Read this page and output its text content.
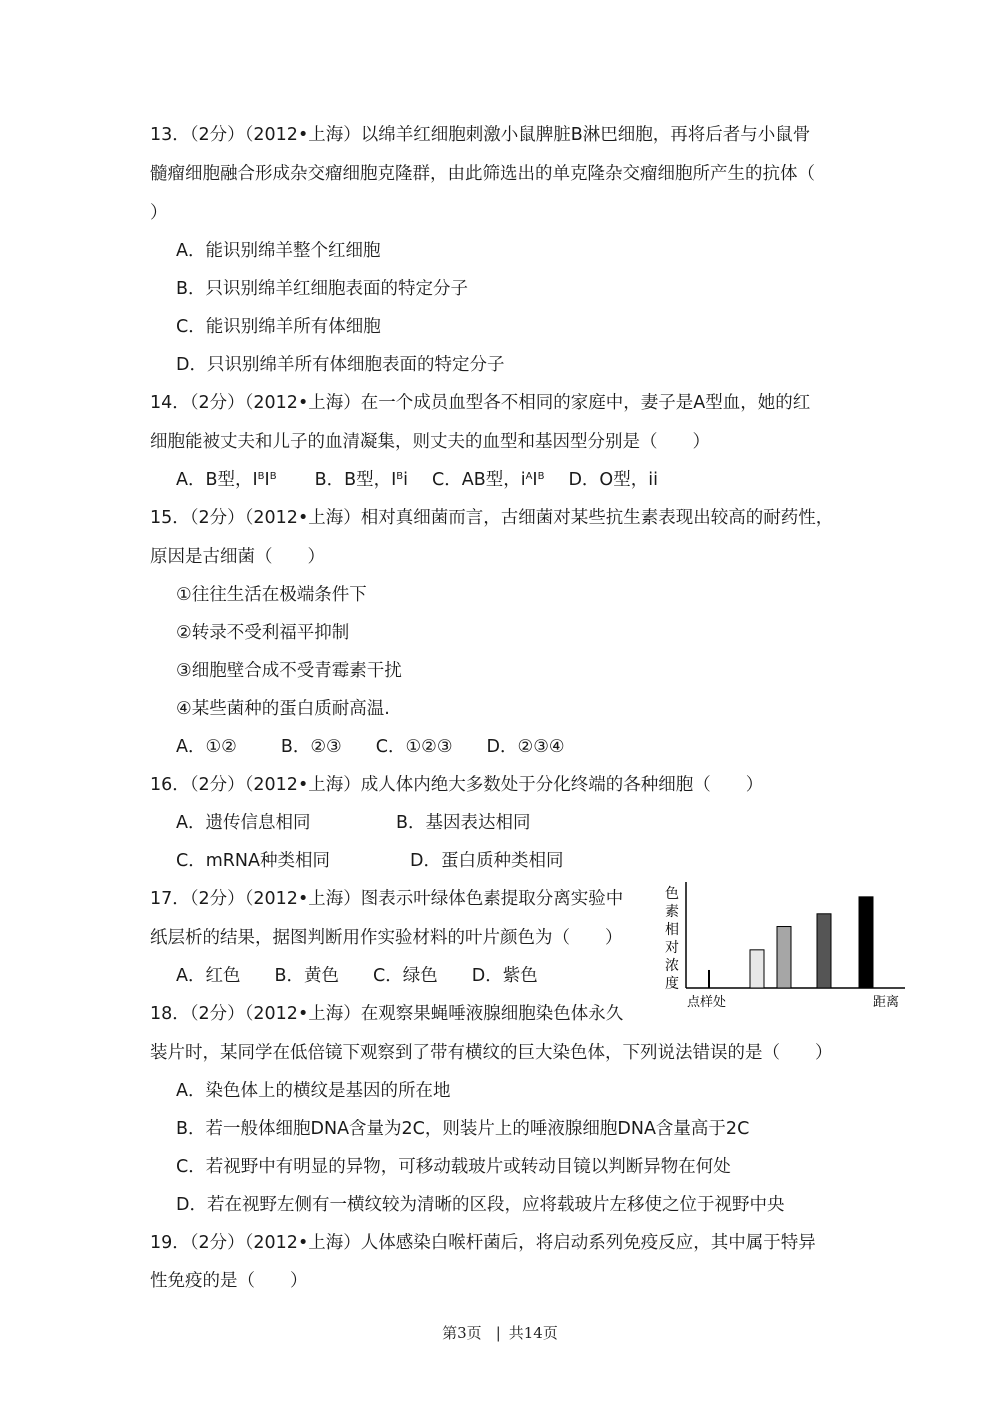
13．（2分）（2012•上海）以绵羊红细胞刺激小鼠脾脏B淋巴细胞，再将后者与小鼠骨
髓瘤细胞融合形成杂交瘤细胞克隆群，由此筛选出的单克隆杂交瘤细胞所产生的抗体（
）
A．能识别绵羊整个红细胞
B．只识别绵羊红细胞表面的特定分子
C．能识别绵羊所有体细胞
D．只识别绵羊所有体细胞表面的特定分子
14．（2分）（2012•上海）在一个成员血型各不相同的家庭中，妻子是A型血，她的红
细胞能被丈夫和儿子的血清凝集，则丈夫的血型和基因型分别是（　　）
A．B型，$I^BI^B$ B．B型，$I^Bi$ C．AB型，$i^AI^B$ D．O型，ii
15．（2分）（2012•上海）相对真细菌而言，古细菌对某些抗生素表现出较高的耐药性，
原因是古细菌（　　）
①往往生活在极端条件下
②转录不受利福平抑制
③细胞壁合成不受青霉素干扰
④某些菌种的蛋白质耐高温.
A．①②	B．②③ C．①②③ D．②③④
16．（2分）（2012•上海）成人体内绝大多数处于分化终端的各种细胞（　　）
A．遗传信息相同	B．基因表达相同
C．mRNA种类相同	D．蛋白质种类相同
17．（2分）（2012•上海）图表示叶绿体色素提取分离实验中
纸层析的结果，据图判断用作实验材料的叶片颜色为（　　）
A．红色 B．黄色 C．绿色 D．紫色
色
素
相
对
浓
度
点样处	距离
18．（2分）（2012•上海）在观察果蝇唾液腺细胞染色体永久
装片时，某同学在低倍镜下观察到了带有横纹的巨大染色体，下列说法错误的是（　　）
A．染色体上的横纹是基因的所在地
B．若一般体细胞DNA含量为2C，则装片上的唾液腺细胞DNA含量高于2C
C．若视野中有明显的异物，可移动载玻片或转动目镜以判断异物在何处
D．若在视野左侧有一横纹较为清晰的区段，应将载玻片左移使之位于视野中央
19．（2分）（2012•上海）人体感染白喉杆菌后，将启动系列免疫反应，其中属于特异
性免疫的是（　　）
第3页 | 共14页
